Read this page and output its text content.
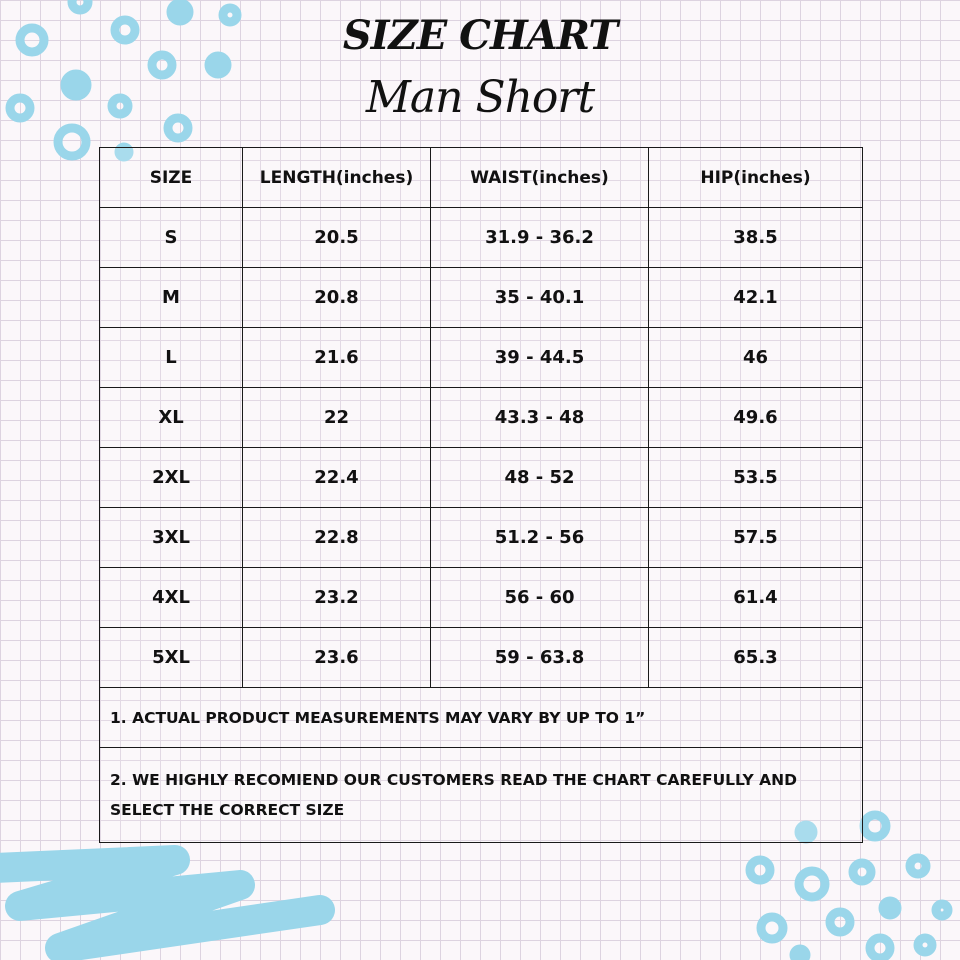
SIZE CHART
Man Short
SIZE	LENGTH(inches)	WAIST(inches)	HIP(inches)
S	20.5	31.9 - 36.2	38.5
M	20.8	35 - 40.1	42.1
L	21.6	39 - 44.5	46
XL	22	43.3 - 48	49.6
2XL	22.4	48 - 52	53.5
3XL	22.8	51.2 - 56	57.5
4XL	23.2	56 - 60	61.4
5XL	23.6	59 - 63.8	65.3
1. ACTUAL PRODUCT MEASUREMENTS MAY VARY BY UP TO 1”			
2. WE HIGHLY RECOMIEND OUR CUSTOMERS READ THE CHART CAREFULLY AND SELECT THE CORRECT SIZE			
